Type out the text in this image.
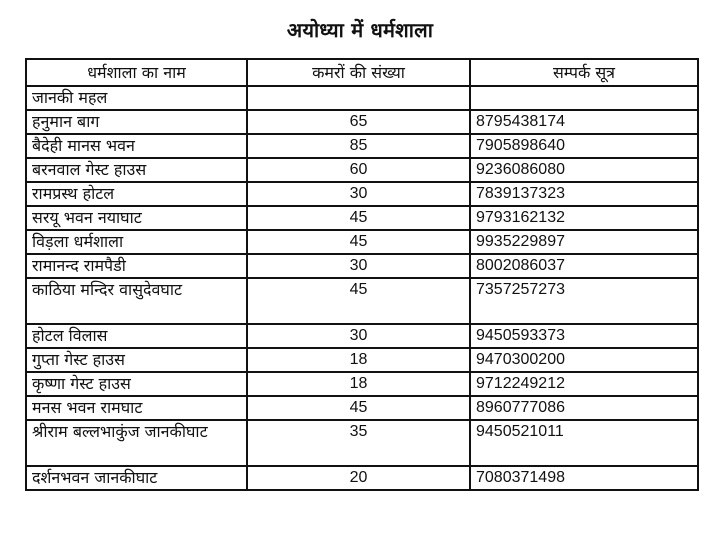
अयोध्या में धर्मशाला
धर्मशाला का नाम	कमरों की संख्या	सम्पर्क सूत्र
जानकी महल		
हनुमान बाग	65	8795438174
बैदेही मानस भवन	85	7905898640
बरनवाल गेस्ट हाउस	60	9236086080
रामप्रस्थ होटल	30	7839137323
सरयू भवन नयाघाट	45	9793162132
विड़ला धर्मशाला	45	9935229897
रामानन्द रामपैडी	30	8002086037
काठिया मन्दिर वासुदेवघाट	45	7357257273
होटल विलास	30	9450593373
गुप्ता गेस्ट हाउस	18	9470300200
कृष्णा गेस्ट हाउस	18	9712249212
मनस भवन रामघाट	45	8960777086
श्रीराम बल्लभाकुंज जानकीघाट	35	9450521011
दर्शनभवन जानकीघाट	20	7080371498
